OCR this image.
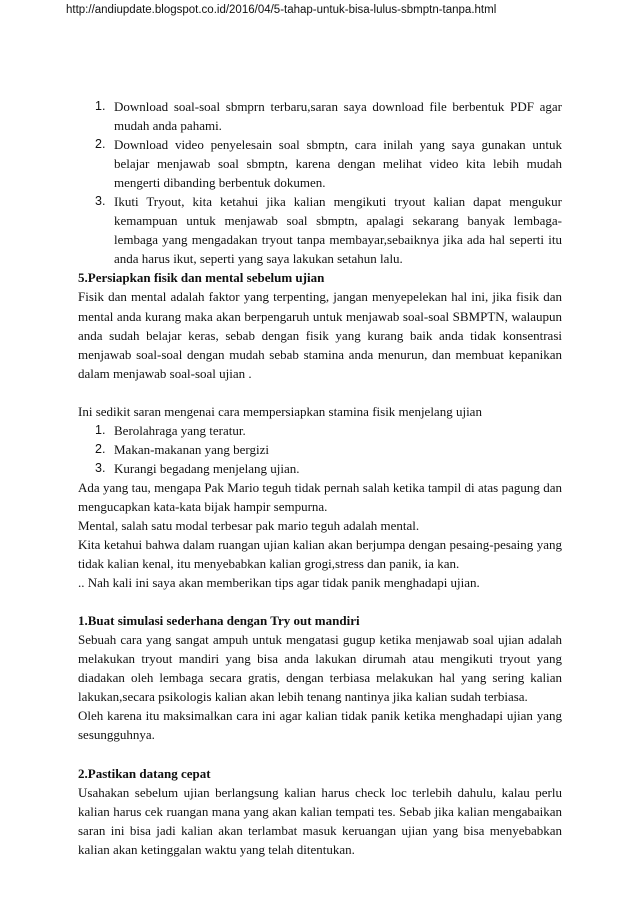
http://andiupdate.blogspot.co.id/2016/04/5-tahap-untuk-bisa-lulus-sbmptn-tanpa.html
1. Download soal-soal sbmprn terbaru,saran saya download file berbentuk PDF agar mudah anda pahami.
2. Download video penyelesain soal sbmptn, cara inilah yang saya gunakan untuk belajar menjawab soal sbmptn, karena dengan melihat video kita lebih mudah mengerti dibanding berbentuk dokumen.
3. Ikuti Tryout, kita ketahui jika kalian mengikuti tryout kalian dapat mengukur kemampuan untuk menjawab soal sbmptn, apalagi sekarang banyak lembaga-lembaga yang mengadakan tryout tanpa membayar,sebaiknya jika ada hal seperti itu anda harus ikut, seperti yang saya lakukan setahun lalu.
5.Persiapkan fisik dan mental sebelum ujian

Fisik dan mental adalah faktor yang terpenting, jangan menyepelekan hal ini, jika fisik dan mental anda kurang maka akan berpengaruh untuk menjawab soal-soal SBMPTN, walaupun anda sudah belajar keras, sebab dengan fisik yang kurang baik anda tidak konsentrasi menjawab soal-soal dengan mudah sebab stamina anda menurun, dan membuat kepanikan dalam menjawab soal-soal ujian .

Ini sedikit saran mengenai cara mempersiapkan stamina fisik menjelang ujian

1. Berolahraga yang teratur.
2. Makan-makanan yang bergizi
3. Kurangi begadang menjelang ujian.

Ada yang tau, mengapa Pak Mario teguh tidak pernah salah ketika tampil di atas pagung dan mengucapkan kata-kata bijak hampir sempurna.

Mental, salah satu modal terbesar pak mario teguh adalah mental.

Kita ketahui bahwa dalam ruangan ujian kalian akan berjumpa dengan pesaing-pesaing yang tidak kalian kenal, itu menyebabkan kalian grogi,stress dan panik, ia kan.

.. Nah kali ini saya akan memberikan tips agar tidak panik menghadapi ujian.

1.Buat simulasi sederhana dengan Try out mandiri

Sebuah cara yang sangat ampuh untuk mengatasi gugup ketika menjawab soal ujian adalah melakukan tryout mandiri yang bisa anda lakukan dirumah atau mengikuti tryout yang diadakan oleh lembaga secara gratis, dengan terbiasa melakukan hal yang sering kalian lakukan,secara psikologis kalian akan lebih tenang nantinya jika kalian sudah terbiasa.

Oleh karena itu maksimalkan cara ini agar kalian tidak panik ketika menghadapi ujian yang sesungguhnya.

2.Pastikan datang cepat

Usahakan sebelum ujian berlangsung kalian harus check loc terlebih dahulu, kalau perlu kalian harus cek ruangan mana yang akan kalian tempati tes. Sebab jika kalian mengabaikan saran ini bisa jadi kalian akan terlambat masuk keruangan ujian yang bisa menyebabkan kalian akan ketinggalan waktu yang telah ditentukan.
